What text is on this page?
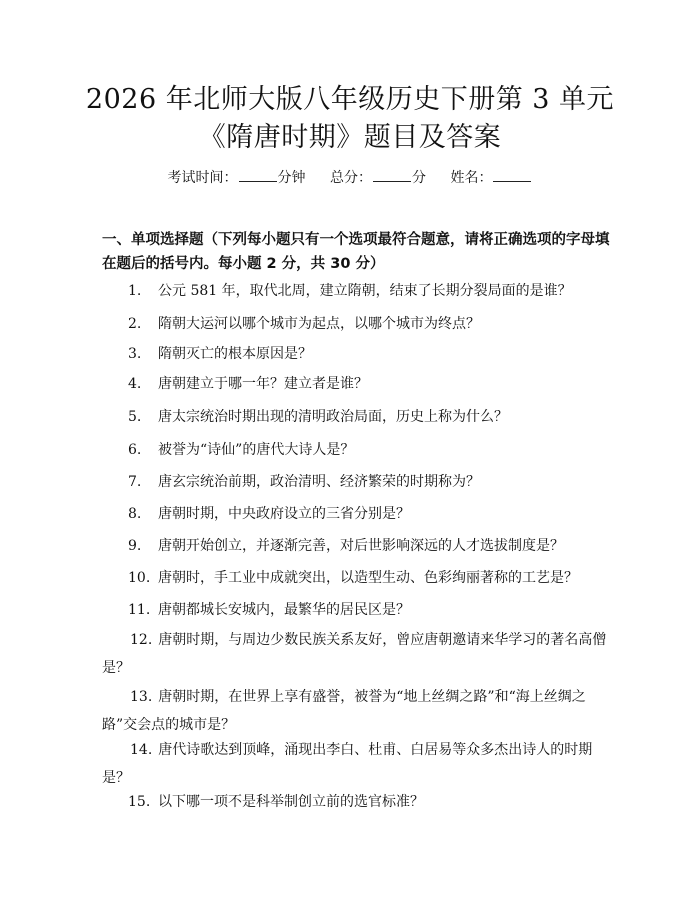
2026 年北师大版八年级历史下册第 3 单元
《隋唐时期》题目及答案
考试时间：	分钟 总分：	分 姓名：
一、单项选择题（下列每小题只有一个选项最符合题意，请将正确选项的字母填在题后的括号内。每小题 2 分，共 30 分）
1. 公元 581 年，取代北周，建立隋朝，结束了长期分裂局面的是谁？
2. 隋朝大运河以哪个城市为起点，以哪个城市为终点？
3. 隋朝灭亡的根本原因是？
4. 唐朝建立于哪一年？建立者是谁？
5. 唐太宗统治时期出现的清明政治局面，历史上称为什么？
6. 被誉为“诗仙”的唐代大诗人是？
7. 唐玄宗统治前期，政治清明、经济繁荣的时期称为？
8. 唐朝时期，中央政府设立的三省分别是？
9. 唐朝开始创立，并逐渐完善，对后世影响深远的人才选拔制度是？
10. 唐朝时，手工业中成就突出，以造型生动、色彩绚丽著称的工艺是？
11. 唐朝都城长安城内，最繁华的居民区是？
12. 唐朝时期，与周边少数民族关系友好，曾应唐朝邀请来华学习的著名高僧是？
13. 唐朝时期，在世界上享有盛誉，被誉为“地上丝绸之路”和“海上丝绸之路”交会点的城市是？
14. 唐代诗歌达到顶峰，涌现出李白、杜甫、白居易等众多杰出诗人的时期是？
15. 以下哪一项不是科举制创立前的选官标准？
